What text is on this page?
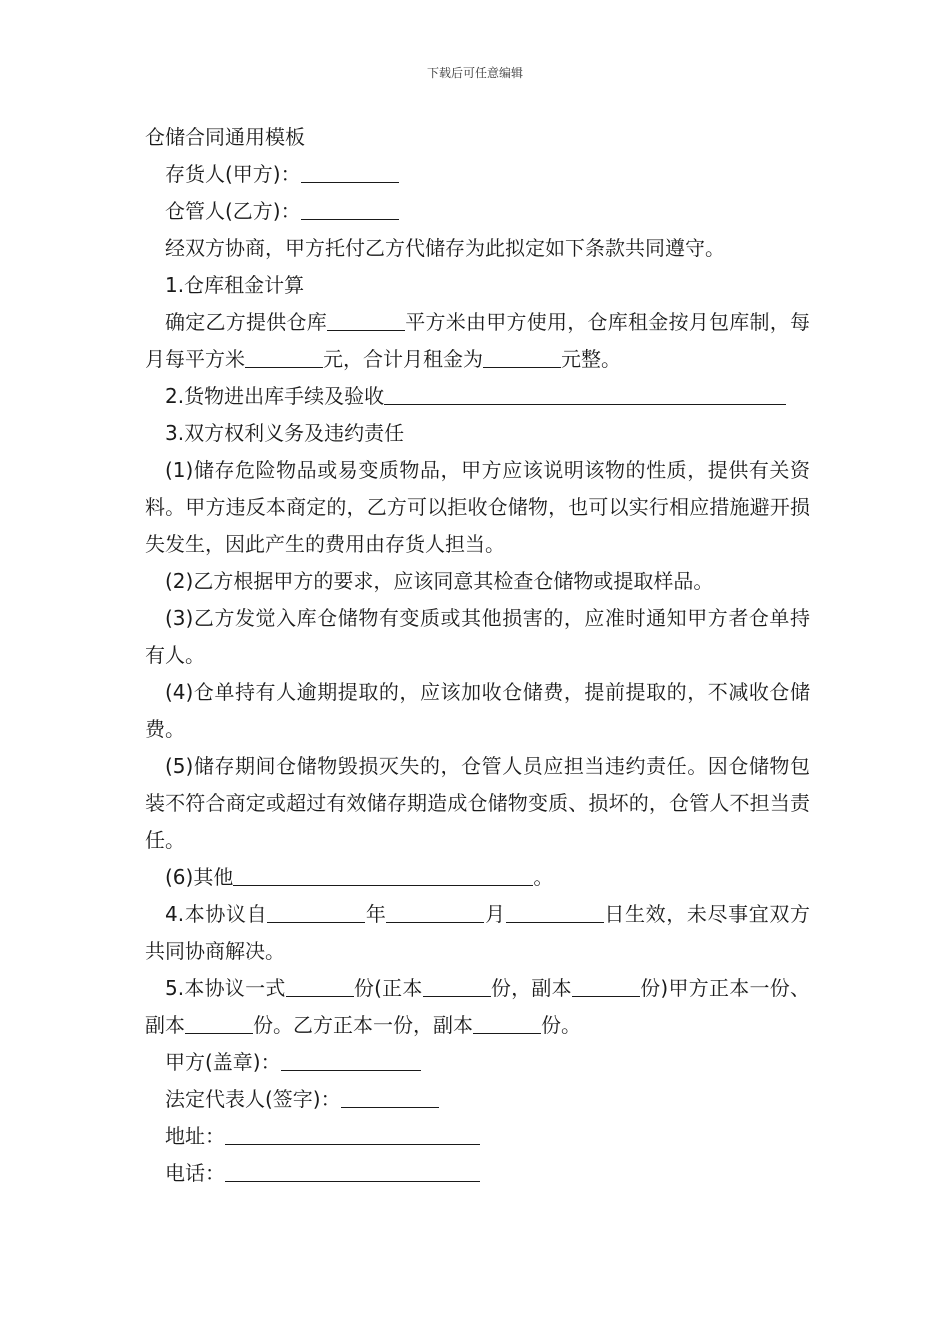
下载后可任意编辑

仓储合同通用模板

存货人(甲方)：

仓管人(乙方)：

经双方协商，甲方托付乙方代储存为此拟定如下条款共同遵守。

1.仓库租金计算

确定乙方提供仓库	平方米由甲方使用，仓库租金按月包库制，每月每平方米	元，合计月租金为	元整。

2.货物进出库手续及验收

3.双方权利义务及违约责任

(1)储存危险物品或易变质物品，甲方应该说明该物的性质，提供有关资料。甲方违反本商定的，乙方可以拒收仓储物，也可以实行相应措施避开损失发生，因此产生的费用由存货人担当。

(2)乙方根据甲方的要求，应该同意其检查仓储物或提取样品。

(3)乙方发觉入库仓储物有变质或其他损害的，应准时通知甲方者仓单持有人。

(4)仓单持有人逾期提取的，应该加收仓储费，提前提取的，不减收仓储费。

(5)储存期间仓储物毁损灭失的，仓管人员应担当违约责任。因仓储物包装不符合商定或超过有效储存期造成仓储物变质、损坏的，仓管人不担当责任。

(6)其他	。

4.本协议自	年	月	日生效，未尽事宜双方共同协商解决。

5.本协议一式	份(正本	份，副本	份)甲方正本一份、副本	份。乙方正本一份，副本	份。

甲方(盖章)：

法定代表人(签字)：

地址：

电话：
